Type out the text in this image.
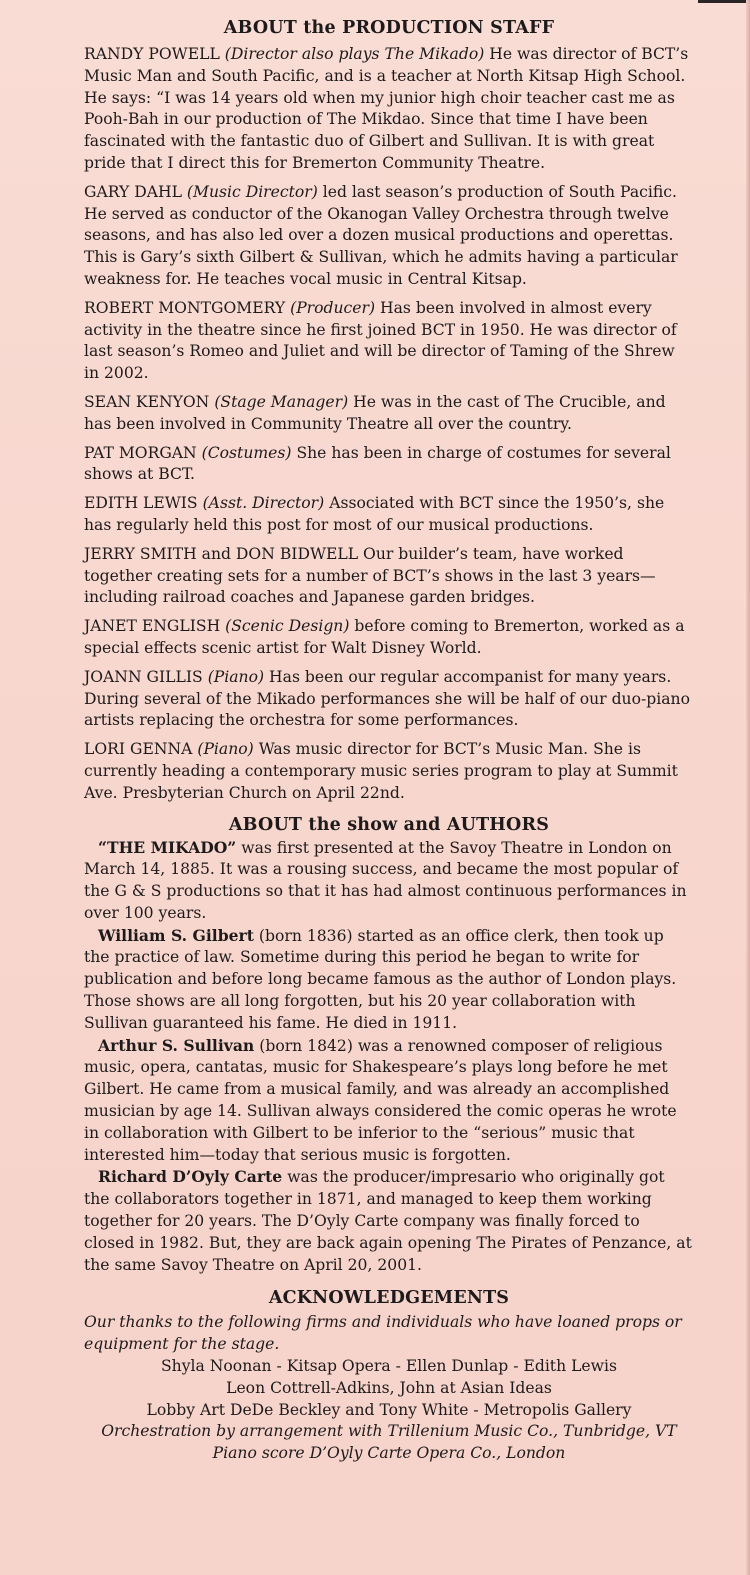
ABOUT the PRODUCTION STAFF

RANDY POWELL (Director also plays The Mikado) He was director of BCT’s Music Man and South Pacific, and is a teacher at North Kitsap High School. He says: “I was 14 years old when my junior high choir teacher cast me as Pooh-Bah in our production of The Mikdao. Since that time I have been fascinated with the fantastic duo of Gilbert and Sullivan. It is with great pride that I direct this for Bremerton Community Theatre.

GARY DAHL (Music Director) led last season’s production of South Pacific. He served as conductor of the Okanogan Valley Orchestra through twelve seasons, and has also led over a dozen musical productions and operettas. This is Gary’s sixth Gilbert & Sullivan, which he admits having a particular weakness for. He teaches vocal music in Central Kitsap.

ROBERT MONTGOMERY (Producer) Has been involved in almost every activity in the theatre since he first joined BCT in 1950. He was director of last season’s Romeo and Juliet and will be director of Taming of the Shrew in 2002.

SEAN KENYON (Stage Manager) He was in the cast of The Crucible, and has been involved in Community Theatre all over the country.

PAT MORGAN (Costumes) She has been in charge of costumes for several shows at BCT.

EDITH LEWIS (Asst. Director) Associated with BCT since the 1950’s, she has regularly held this post for most of our musical productions.

JERRY SMITH and DON BIDWELL Our builder’s team, have worked together creating sets for a number of BCT’s shows in the last 3 years—including railroad coaches and Japanese garden bridges.

JANET ENGLISH (Scenic Design) before coming to Bremerton, worked as a special effects scenic artist for Walt Disney World.

JOANN GILLIS (Piano) Has been our regular accompanist for many years. During several of the Mikado performances she will be half of our duo-piano artists replacing the orchestra for some performances.

LORI GENNA (Piano) Was music director for BCT’s Music Man. She is currently heading a contemporary music series program to play at Summit Ave. Presbyterian Church on April 22nd.

ABOUT the show and AUTHORS

“THE MIKADO” was first presented at the Savoy Theatre in London on March 14, 1885. It was a rousing success, and became the most popular of the G & S productions so that it has had almost continuous performances in over 100 years.

William S. Gilbert (born 1836) started as an office clerk, then took up the practice of law. Sometime during this period he began to write for publication and before long became famous as the author of London plays. Those shows are all long forgotten, but his 20 year collaboration with Sullivan guaranteed his fame. He died in 1911.

Arthur S. Sullivan (born 1842) was a renowned composer of religious music, opera, cantatas, music for Shakespeare’s plays long before he met Gilbert. He came from a musical family, and was already an accomplished musician by age 14. Sullivan always considered the comic operas he wrote in collaboration with Gilbert to be inferior to the “serious” music that interested him—today that serious music is forgotten.

Richard D’Oyly Carte was the producer/impresario who originally got the collaborators together in 1871, and managed to keep them working together for 20 years. The D’Oyly Carte company was finally forced to closed in 1982. But, they are back again opening The Pirates of Penzance, at the same Savoy Theatre on April 20, 2001.

ACKNOWLEDGEMENTS

Our thanks to the following firms and individuals who have loaned props or equipment for the stage.

Shyla Noonan - Kitsap Opera - Ellen Dunlap - Edith Lewis

Leon Cottrell-Adkins, John at Asian Ideas

Lobby Art DeDe Beckley and Tony White - Metropolis Gallery

Orchestration by arrangement with Trillenium Music Co., Tunbridge, VT

Piano score D’Oyly Carte Opera Co., London
